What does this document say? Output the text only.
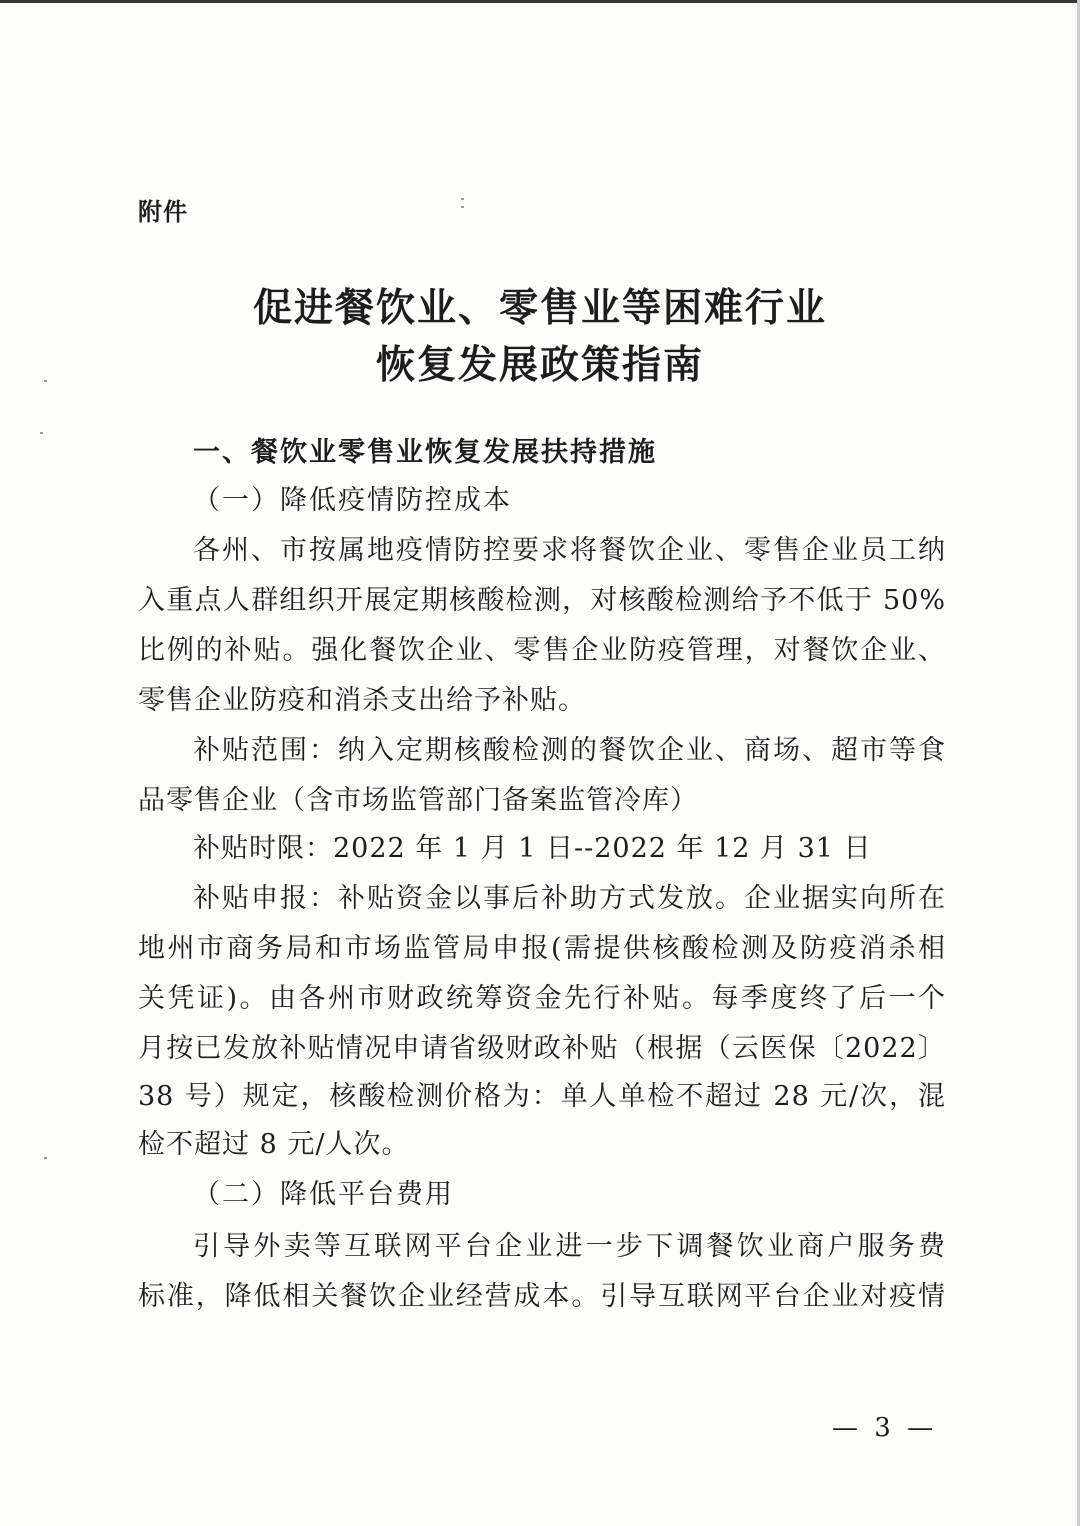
附件
促进餐饮业、零售业等困难行业
恢复发展政策指南
一、餐饮业零售业恢复发展扶持措施
（一）降低疫情防控成本
各州、市按属地疫情防控要求将餐饮企业、零售企业员工纳
入重点人群组织开展定期核酸检测，对核酸检测给予不低于 50%
比例的补贴。强化餐饮企业、零售企业防疫管理，对餐饮企业、
零售企业防疫和消杀支出给予补贴。
补贴范围：纳入定期核酸检测的餐饮企业、商场、超市等食
品零售企业（含市场监管部门备案监管冷库）
补贴时限：2022 年 1 月 1 日--2022 年 12 月 31 日
补贴申报：补贴资金以事后补助方式发放。企业据实向所在
地州市商务局和市场监管局申报(需提供核酸检测及防疫消杀相
关凭证)。由各州市财政统筹资金先行补贴。每季度终了后一个
月按已发放补贴情况申请省级财政补贴（根据（云医保〔2022〕
38 号）规定，核酸检测价格为：单人单检不超过 28 元/次，混
检不超过 8 元/人次。
（二）降低平台费用
引导外卖等互联网平台企业进一步下调餐饮业商户服务费
标准，降低相关餐饮企业经营成本。引导互联网平台企业对疫情
— 3 —
